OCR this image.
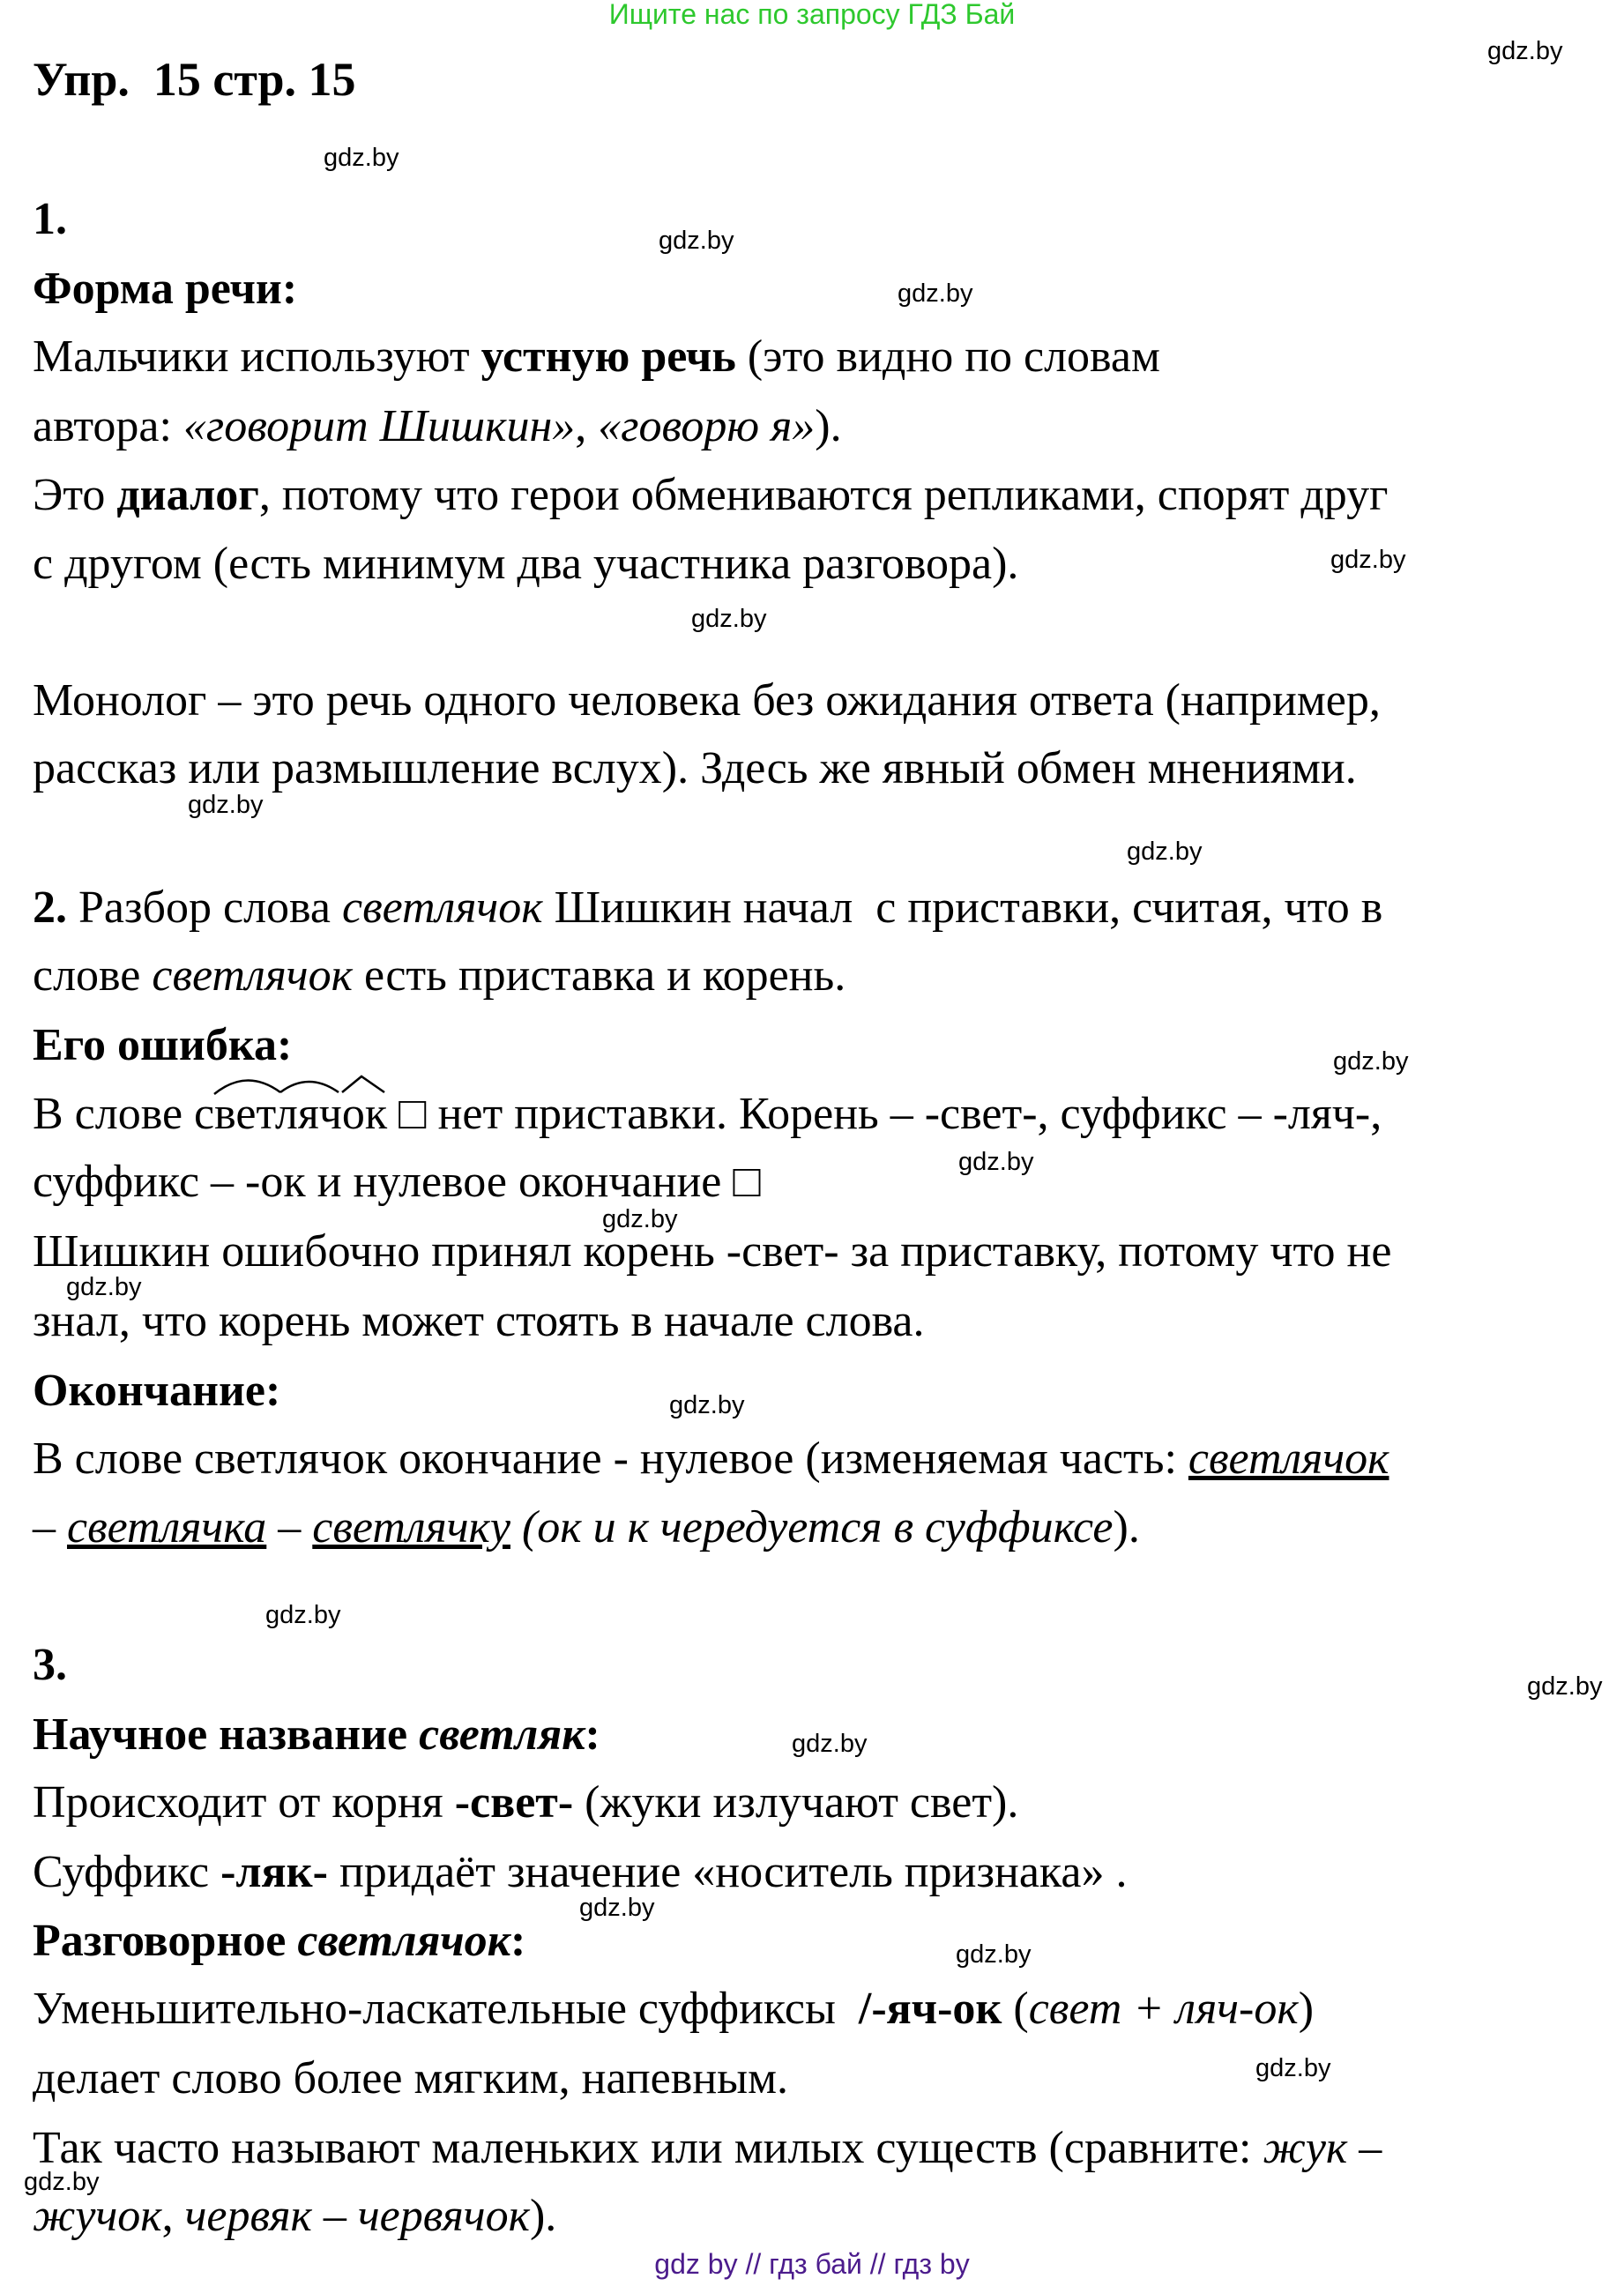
Ищите нас по запросу ГДЗ Бай
Упр.  15 стр. 15
1.
Форма речи:
Мальчики используют устную речь (это видно по словам
автора: «говорит Шишкин», «говорю я»).
Это диалог, потому что герои обмениваются репликами, спорят друг
с другом (есть минимум два участника разговора).
Монолог – это речь одного человека без ожидания ответа (например,
рассказ или размышление вслух). Здесь же явный обмен мнениями.
2. Разбор слова светлячок Шишкин начал  с приставки, считая, что в
слове светлячок есть приставка и корень.
Его ошибка:
В слове светлячок □ нет приставки. Корень – -свет-, суффикс – -ляч-,
суффикс – -ок и нулевое окончание □
Шишкин ошибочно принял корень -свет- за приставку, потому что не
знал, что корень может стоять в начале слова.
Окончание:
В слове светлячок окончание - нулевое (изменяемая часть: светлячок
– светлячка – светлячку (ок и к чередуется в суффиксе).
3.
Научное название светляк:
Происходит от корня -свет- (жуки излучают свет).
Суффикс -ляк- придаёт значение «носитель признака» .
Разговорное светлячок:
Уменьшительно-ласкательные суффиксы  /-яч-ок (свет + ляч-ок)
делает слово более мягким, напевным.
Так часто называют маленьких или милых существ (сравните: жук –
жучок, червяк – червячок).
gdz.by
gdz.by
gdz.by
gdz.by
gdz.by
gdz.by
gdz.by
gdz.by
gdz.by
gdz.by
gdz.by
gdz.by
gdz.by
gdz.by
gdz.by
gdz.by
gdz.by
gdz.by
gdz.by
gdz.by
gdz by // гдз бай // гдз by
